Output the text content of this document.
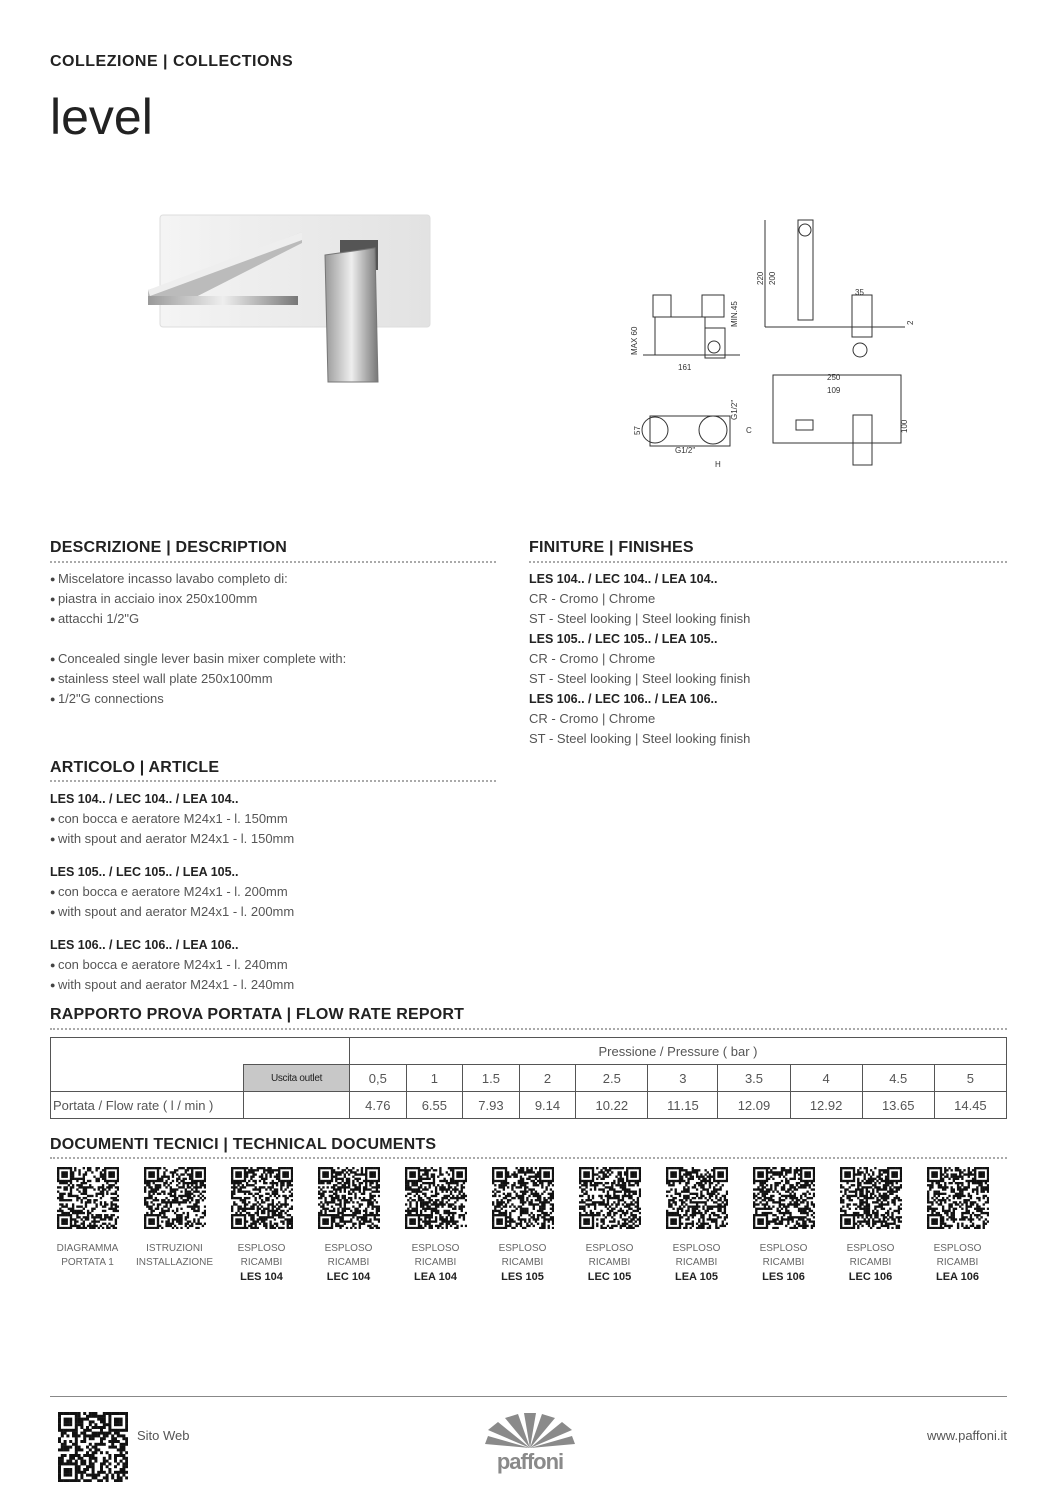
COLLEZIONE | COLLECTIONS
level
220 200
35
2
MAX 60
MIN.45
161
250
109
100
57
G1/2"
G1/2"
C
H
DESCRIZIONE | DESCRIPTION
● Miscelatore incasso lavabo completo di:
● piastra in acciaio inox 250x100mm
● attacchi 1/2"G
● Concealed single lever basin mixer complete with:
● stainless steel wall plate 250x100mm
● 1/2"G connections
FINITURE | FINISHES
LES 104.. / LEC 104.. / LEA 104..
CR - Cromo | Chrome
ST - Steel looking | Steel looking finish
LES 105.. / LEC 105.. / LEA 105..
CR - Cromo | Chrome
ST - Steel looking | Steel looking finish
LES 106.. / LEC 106.. / LEA 106..
CR - Cromo | Chrome
ST - Steel looking | Steel looking finish
ARTICOLO | ARTICLE
LES 104.. / LEC 104.. / LEA 104..
● con bocca e aeratore M24x1 - l. 150mm
● with spout and aerator M24x1 - l. 150mm
LES 105.. / LEC 105.. / LEA 105..
● con bocca e aeratore M24x1 - l. 200mm
● with spout and aerator M24x1 - l. 200mm
LES 106.. / LEC 106.. / LEA 106..
● con bocca e aeratore M24x1 - l. 240mm
● with spout and aerator M24x1 - l. 240mm
RAPPORTO PROVA PORTATA | FLOW RATE REPORT
		Pressione / Pressure ( bar )									
	Uscita outlet	0,5	1	1.5	2	2.5	3	3.5	4	4.5	5
Portata / Flow rate ( l / min )		4.76	6.55	7.93	9.14	10.22	11.15	12.09	12.92	13.65	14.45
DOCUMENTI TECNICI | TECHNICAL DOCUMENTS
DIAGRAMMA
PORTATA 1
ISTRUZIONI
INSTALLAZIONE
ESPLOSO
RICAMBI
LES 104
ESPLOSO
RICAMBI
LEC 104
ESPLOSO
RICAMBI
LEA 104
ESPLOSO
RICAMBI
LES 105
ESPLOSO
RICAMBI
LEC 105
ESPLOSO
RICAMBI
LEA 105
ESPLOSO
RICAMBI
LES 106
ESPLOSO
RICAMBI
LEC 106
ESPLOSO
RICAMBI
LEA 106
Sito Web
paffoni
www.paffoni.it
